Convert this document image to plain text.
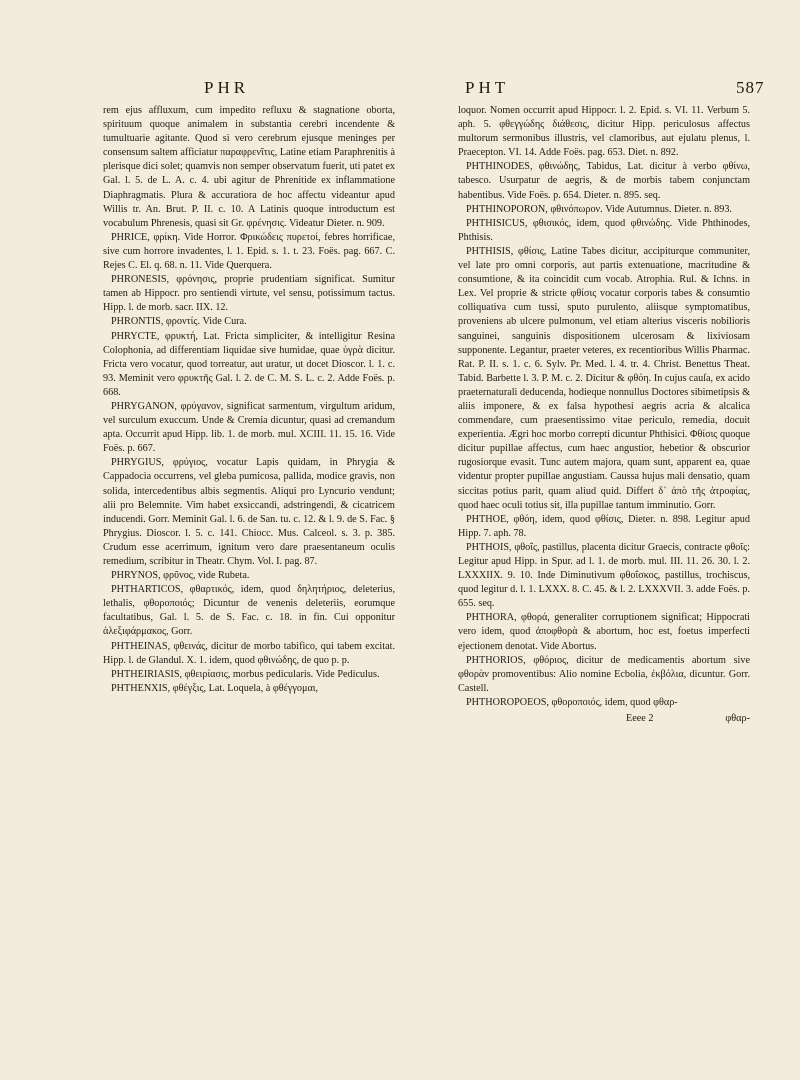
PHR	PHT	587

rem ejus affluxum, cum impedito refluxu & stagnatione oborta, spirituum quoque animalem in substantia cerebri incendente & tumultuarie agitante. Quod si vero cerebrum ejusque meninges per consensum saltem afficiatur παραφρενῖτις, Latine etiam Paraphrenitis à plerisque dici solet; quamvis non semper observatum fuerit, uti patet ex Gal. l. 5. de L. A. c. 4. ubi agitur de Phrenitide ex inflammatione Diaphragmatis. Plura & accuratiora de hoc affectu videantur apud Willis tr. An. Brut. P. II. c. 10. A Latinis quoque introductum est vocabulum Phrenesis, quasi sit Gr. φρένησις. Videatur Dieter. n. 909.

PHRICE, φρίκη. Vide Horror. Φρικώδεις πυρετοί, febres horrificae, sive cum horrore invadentes, l. 1. Epid. s. 1. t. 23. Foës. pag. 667. C. Rejes C. El. q. 68. n. 11. Vide Querquera.

PHRONESIS, φρόνησις, proprie prudentiam significat. Sumitur tamen ab Hippocr. pro sentiendi virtute, vel sensu, potissimum tactus. Hipp. l. de morb. sacr. IIX. 12.

PHRONTIS, φροντίς. Vide Cura.

PHRYCTE, φρυκτή, Lat. Fricta simpliciter, & intelligitur Resina Colophonia, ad differentiam liquidae sive humidae, quae ὑγρὰ dicitur. Fricta vero vocatur, quod torreatur, aut uratur, ut docet Dioscor. l. 1. c. 93. Meminit vero φρυκτῆς Gal. l. 2. de C. M. S. L. c. 2. Adde Foës. p. 668.

PHRYGANON, φρύγανον, significat sarmentum, virgultum aridum, vel surculum exuccum. Unde & Cremia dicuntur, quasi ad cremandum apta. Occurrit apud Hipp. lib. 1. de morb. mul. XCIII. 11. 15. 16. Vide Foës. p. 667.

PHRYGIUS, φρύγιος, vocatur Lapis quidam, in Phrygia & Cappadocia occurrens, vel gleba pumicosa, pallida, modice gravis, non solida, intercedentibus albis segmentis. Aliqui pro Lyncurio vendunt; alii pro Belemnite. Vim habet exsiccandi, adstringendi, & cicatricem inducendi. Gorr. Meminit Gal. l. 6. de San. tu. c. 12. & l. 9. de S. Fac. § Phrygius. Dioscor. l. 5. c. 141. Chiocc. Mus. Calceol. s. 3. p. 385. Crudum esse acerrimum, ignitum vero dare praesentaneum oculis remedium, scribitur in Theatr. Chym. Vol. I. pag. 87.

PHRYNOS, φρῦνος, vide Rubeta.

PHTHARTICOS, φθαρτικός, idem, quod δηλητήριος, deleterius, lethalis, φθοροποιός; Dicuntur de venenis deleteriis, eorumque facultatibus, Gal. l. 5. de S. Fac. c. 18. in fin. Cui opponitur ἀλεξιφάρμακος, Gorr.

PHTHEINAS, φθεινάς, dicitur de morbo tabifico, qui tabem excitat. Hipp. l. de Glandul. X. 1. idem, quod φθινώδης, de quo p. p.

PHTHEIRIASIS, φθειρίασις, morbus pedicularis. Vide Pediculus.

PHTHENXIS, φθέγξις, Lat. Loquela, à φθέγγομαι,

loquor. Nomen occurrit apud Hippocr. l. 2. Epid. s. VI. 11. Verbum 5. aph. 5. φθεγγώδης διάθεσις, dicitur Hipp. periculosus affectus multorum sermonibus illustris, vel clamoribus, aut ejulatu plenus, l. Praecepton. VI. 14. Adde Foës. pag. 653. Diet. n. 892.

PHTHINODES, φθινώδης, Tabidus, Lat. dicitur à verbo φθίνω, tabesco. Usurpatur de aegris, & de morbis tabem conjunctam habentibus. Vide Foës. p. 654. Dieter. n. 895. seq.

PHTHINOPORON, φθινόπωρον. Vide Autumnus. Dieter. n. 893.

PHTHISICUS, φθισικός, idem, quod φθινώδης. Vide Phthinodes, Phthisis.

PHTHISIS, φθίσις, Latine Tabes dicitur, accipiturque communiter, vel late pro omni corporis, aut partis extenuatione, macritudine & consumtione, & ita coincidit cum vocab. Atrophia. Rul. & Ichns. in Lex. Vel proprie & stricte φθίσις vocatur corporis tabes & consumtio colliquativa cum tussi, sputo purulento, aliisque symptomatibus, proveniens ab ulcere pulmonum, vel etiam alterius visceris nobilioris sanguinei, sanguinis dispositionem ulcerosam & lixiviosam supponente. Legantur, praeter veteres, ex recentioribus Willis Pharmac. Rat. P. II. s. 1. c. 6. Sylv. Pr. Med. l. 4. tr. 4. Christ. Benettus Theat. Tabid. Barbette l. 3. P. M. c. 2. Dicitur & φθόη. In cujus cauſa, ex acido praeternaturali deducenda, hodieque nonnullus Doctores sibimetipsis & aliis imponere, & ex falsa hypothesi aegris acria & alcalica commendare, cum praesentissimo vitae periculo, remedia, docuit experientia. Ægri hoc morbo correpti dicuntur Phthisici. Φθίσις quoque dicitur pupillae affectus, cum haec angustior, hebetior & obscurior rugosiorque evasit. Tunc autem majora, quam sunt, apparent ea, quae videntur propter pupillae angustiam. Caussa hujus mali densatio, quam siccitas potius parit, quam aliud quid. Differt δ᾽ ἀπὸ τῆς ἀτροφίας, quod haec oculi totius sit, illa pupillae tantum imminutio. Gorr.

PHTHOE, φθόη, idem, quod φθίσις, Dieter. n. 898. Legitur apud Hipp. 7. aph. 78.

PHTHOIS, φθοΐς, pastillus, placenta dicitur Graecis, contracte φθοῖς: Legitur apud Hipp. in Spur. ad l. 1. de morb. mul. III. 11. 26. 30. l. 2. LXXXIIX. 9. 10. Inde Diminutivum φθοΐσκος, pastillus, trochiscus, quod legitur d. l. 1. LXXX. 8. C. 45. & l. 2. LXXXVII. 3. adde Foës. p. 655. seq.

PHTHORA, φθορά, generaliter corruptionem significat; Hippocrati vero idem, quod ἀποφθορὰ & abortum, hoc est, foetus imperfecti ejectionem denotat. Vide Abortus.

PHTHORIOS, φθόριος, dicitur de medicamentis abortum sive φθορὰν promoventibus: Alio nomine Ecbolia, ἐκβόλια, dicuntur. Gorr. Castell.

PHTHOROPOEOS, φθοροποιός, idem, quod φθαρ-

Eeee 2	φθαρ-
